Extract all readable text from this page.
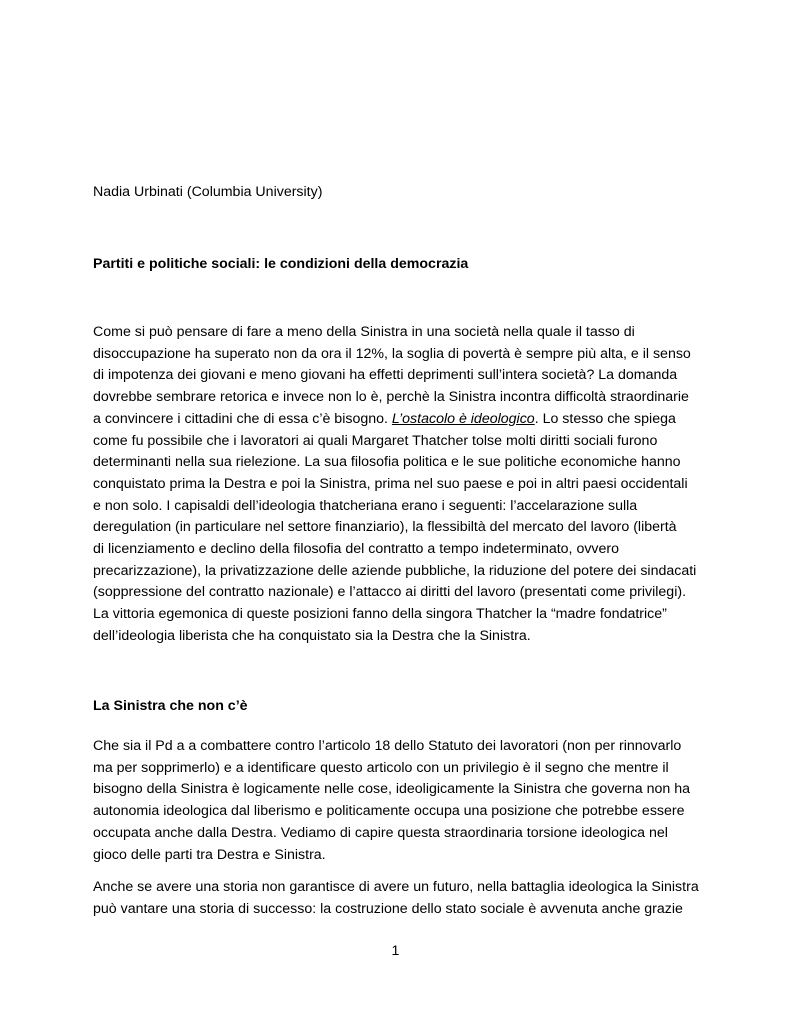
Nadia Urbinati (Columbia University)

Partiti e politiche sociali: le condizioni della democrazia

Come si può pensare di fare a meno della Sinistra in una società nella quale il tasso di
disoccupazione ha superato non da ora il 12%, la soglia di povertà è sempre più alta, e il senso
di impotenza dei giovani e meno giovani ha effetti deprimenti sull’intera società? La domanda
dovrebbe sembrare retorica e invece non lo è, perchè la Sinistra incontra difficoltà straordinarie
a convincere i cittadini che di essa c’è bisogno. L’ostacolo è ideologico. Lo stesso che spiega
come fu possibile che i lavoratori ai quali Margaret Thatcher tolse molti diritti sociali furono
determinanti nella sua rielezione. La sua filosofia politica e le sue politiche economiche hanno
conquistato prima la Destra e poi la Sinistra, prima nel suo paese e poi in altri paesi occidentali
e non solo. I capisaldi dell’ideologia thatcheriana erano i seguenti: l’accelarazione sulla
deregulation (in particulare nel settore finanziario), la flessibiltà del mercato del lavoro (libertà
di licenziamento e declino della filosofia del contratto a tempo indeterminato, ovvero
precarizzazione), la privatizzazione delle aziende pubbliche, la riduzione del potere dei sindacati
(soppressione del contratto nazionale) e l’attacco ai diritti del lavoro (presentati come privilegi).
La vittoria egemonica di queste posizioni fanno della singora Thatcher la “madre fondatrice”
dell’ideologia liberista che ha conquistato sia la Destra che la Sinistra.

La Sinistra che non c’è

Che sia il Pd a a combattere contro l’articolo 18 dello Statuto dei lavoratori (non per rinnovarlo
ma per sopprimerlo) e a identificare questo articolo con un privilegio è il segno che mentre il
bisogno della Sinistra è logicamente nelle cose, ideoligicamente la Sinistra che governa non ha
autonomia ideologica dal liberismo e politicamente occupa una posizione che potrebbe essere
occupata anche dalla Destra. Vediamo di capire questa straordinaria torsione ideologica nel
gioco delle parti tra Destra e Sinistra.
Anche se avere una storia non garantisce di avere un futuro, nella battaglia ideologica la Sinistra
può vantare una storia di successo: la costruzione dello stato sociale è avvenuta anche grazie
1
